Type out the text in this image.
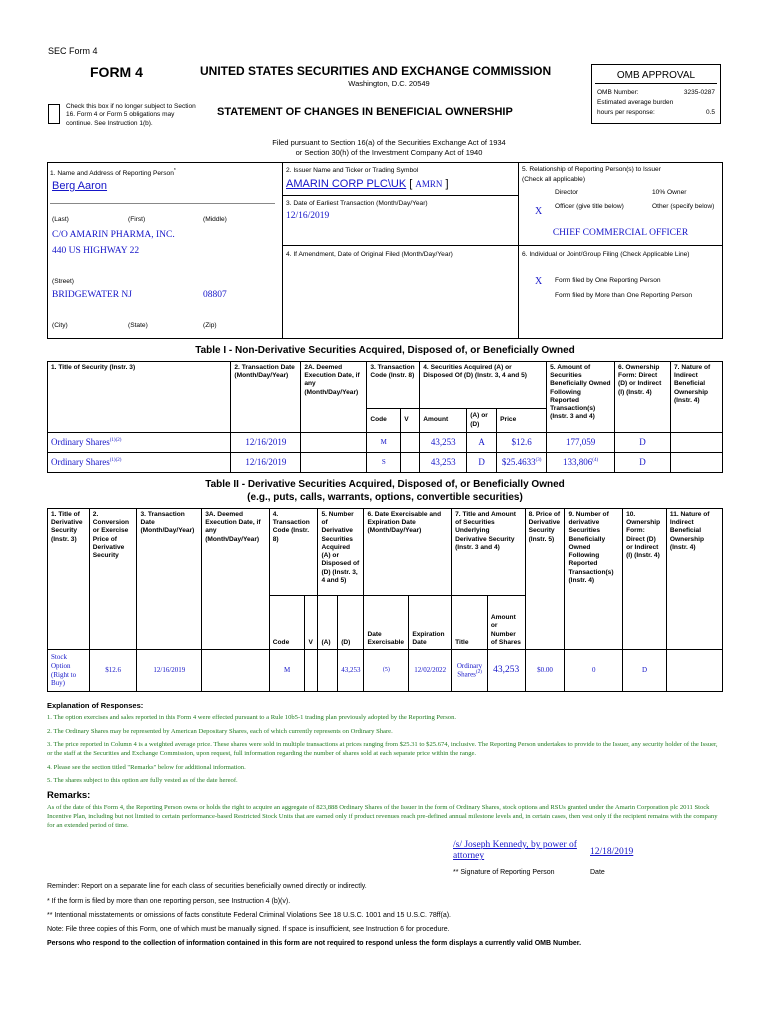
SEC Form 4
FORM 4	UNITED STATES SECURITIES AND EXCHANGE COMMISSION
Washington, D.C. 20549
Check this box if no longer subject to Section 16. Form 4 or Form 5 obligations may continue. See Instruction 1(b).
STATEMENT OF CHANGES IN BENEFICIAL OWNERSHIP
Filed pursuant to Section 16(a) of the Securities Exchange Act of 1934
or Section 30(h) of the Investment Company Act of 1940
OMB APPROVAL
OMB Number:	3235-0287
Estimated average burden
hours per response:	0.5
1. Name and Address of Reporting Person*
Berg Aaron
(Last)	(First)	(Middle)
C/O AMARIN PHARMA, INC.
440 US HIGHWAY 22
(Street)
BRIDGEWATER NJ	08807
(City)	(State)	(Zip)
2. Issuer Name and Ticker or Trading Symbol
AMARIN CORP PLC\UK [ AMRN ]
3. Date of Earliest Transaction (Month/Day/Year)
12/16/2019
4. If Amendment, Date of Original Filed (Month/Day/Year)
5. Relationship of Reporting Person(s) to Issuer
(Check all applicable)
Director	10% Owner
X Officer (give title below)	Other (specify below)
CHIEF COMMERCIAL OFFICER
6. Individual or Joint/Group Filing (Check Applicable Line)
X Form filed by One Reporting Person
Form filed by More than One Reporting Person
Table I - Non-Derivative Securities Acquired, Disposed of, or Beneficially Owned
1. Title of Security (Instr. 3)	2. Transaction Date (Month/Day/Year)	2A. Deemed Execution Date, if any (Month/Day/Year)	3. Transaction Code (Instr. 8)		4. Securities Acquired (A) or Disposed Of (D) (Instr. 3, 4 and 5)			5. Amount of Securities Beneficially Owned Following Reported Transaction(s) (Instr. 3 and 4)	6. Ownership Form: Direct (D) or Indirect (I) (Instr. 4)	7. Nature of Indirect Beneficial Ownership (Instr. 4)
			Code	V	Amount	(A) or (D)	Price			
Ordinary Shares$^{(1)(2)}$	12/16/2019		M		43,253	A	$12.6	177,059	D	
Ordinary Shares$^{(1)(2)}$	12/16/2019		S		43,253	D	$25.4633$^{(3)}$	133,806$^{(4)}$	D	
Table II - Derivative Securities Acquired, Disposed of, or Beneficially Owned
(e.g., puts, calls, warrants, options, convertible securities)
1. Title of Derivative Security (Instr. 3)	2. Conversion or Exercise Price of Derivative Security	3. Transaction Date (Month/Day/Year)	3A. Deemed Execution Date, if any (Month/Day/Year)	4. Transaction Code (Instr. 8)		5. Number of Derivative Securities Acquired (A) or Disposed of (D) (Instr. 3, 4 and 5)		6. Date Exercisable and Expiration Date (Month/Day/Year)		7. Title and Amount of Securities Underlying Derivative Security (Instr. 3 and 4)		8. Price of Derivative Security (Instr. 5)	9. Number of derivative Securities Beneficially Owned Following Reported Transaction(s) (Instr. 4)	10. Ownership Form: Direct (D) or Indirect (I) (Instr. 4)	11. Nature of Indirect Beneficial Ownership (Instr. 4)
				Code	V	(A)	(D)	Date Exercisable	Expiration Date	Title	Amount or Number of Shares				
Stock Option (Right to Buy)	$12.6	12/16/2019		M			43,253	(5)	12/02/2022	Ordinary Shares$^{(2)}$	43,253	$0.00	0	D	
Explanation of Responses:
1. The option exercises and sales reported in this Form 4 were effected pursuant to a Rule 10b5-1 trading plan previously adopted by the Reporting Person.
2. The Ordinary Shares may be represented by American Depositary Shares, each of which currently represents on Ordinary Share.
3. The price reported in Column 4 is a weighted average price. These shares were sold in multiple transactions at prices ranging from $25.31 to $25.674, inclusive. The Reporting Person undertakes to provide to the Issuer, any security holder of the Issuer, or the staff at the Securities and Exchange Commission, upon request, full information regarding the number of shares sold at each separate price within the range.
4. Please see the section titled "Remarks" below for additional information.
5. The shares subject to this option are fully vested as of the date hereof.
Remarks:
As of the date of this Form 4, the Reporting Person owns or holds the right to acquire an aggregate of 823,888 Ordinary Shares of the Issuer in the form of Ordinary Shares, stock options and RSUs granted under the Amarin Corporation plc 2011 Stock Incentive Plan, including but not limited to certain performance-based Restricted Stock Units that are earned only if product revenues reach pre-defined annual milestone levels and, in certain cases, then vest only if the recipient remains with the company for an extended period of time.
/s/ Joseph Kennedy, by power of attorney	12/18/2019
** Signature of Reporting Person	Date
Reminder: Report on a separate line for each class of securities beneficially owned directly or indirectly.
* If the form is filed by more than one reporting person, see Instruction 4 (b)(v).
** Intentional misstatements or omissions of facts constitute Federal Criminal Violations See 18 U.S.C. 1001 and 15 U.S.C. 78ff(a).
Note: File three copies of this Form, one of which must be manually signed. If space is insufficient, see Instruction 6 for procedure.
Persons who respond to the collection of information contained in this form are not required to respond unless the form displays a currently valid OMB Number.
